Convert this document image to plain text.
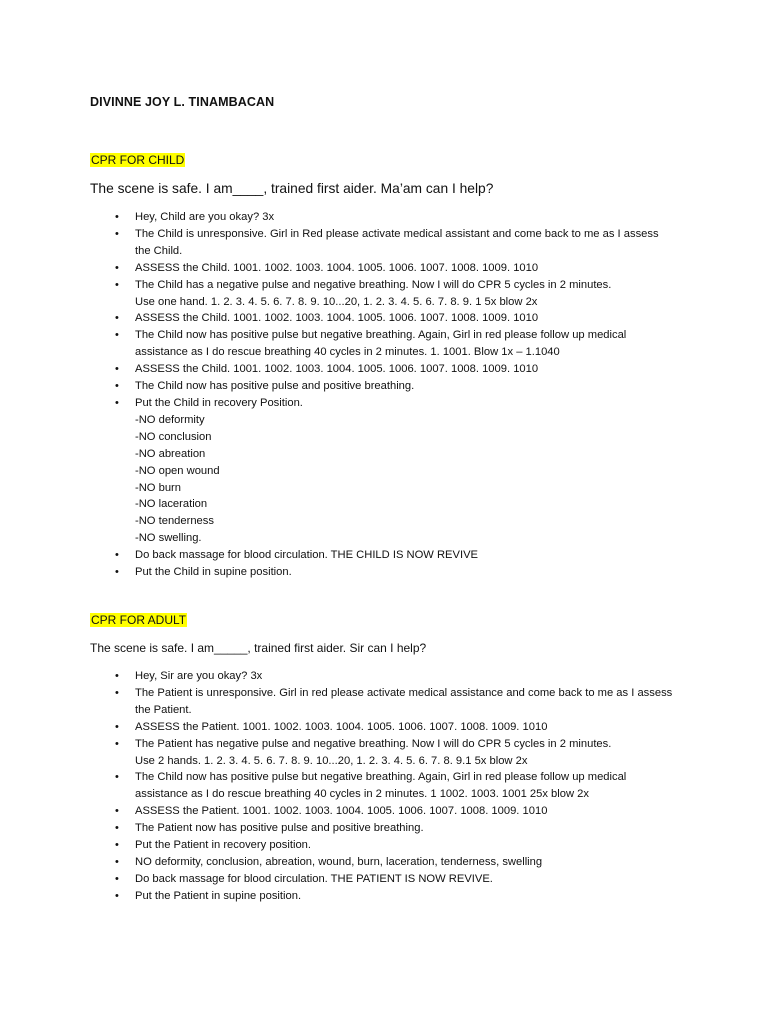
DIVINNE JOY L. TINAMBACAN

CPR FOR CHILD

The scene is safe. I am____, trained first aider. Ma’am can I help?

• Hey, Child are you okay? 3x
• The Child is unresponsive. Girl in Red please activate medical assistant and come back to me as I assess
the Child.
• ASSESS the Child. 1001. 1002. 1003. 1004. 1005. 1006. 1007. 1008. 1009. 1010
• The Child has a negative pulse and negative breathing. Now I will do CPR 5 cycles in 2 minutes.
Use one hand. 1. 2. 3. 4. 5. 6. 7. 8. 9. 10...20, 1. 2. 3. 4. 5. 6. 7. 8. 9. 1 5x blow 2x
• ASSESS the Child. 1001. 1002. 1003. 1004. 1005. 1006. 1007. 1008. 1009. 1010
• The Child now has positive pulse but negative breathing. Again, Girl in red please follow up medical
assistance as I do rescue breathing 40 cycles in 2 minutes. 1. 1001. Blow 1x – 1.1040
• ASSESS the Child. 1001. 1002. 1003. 1004. 1005. 1006. 1007. 1008. 1009. 1010
• The Child now has positive pulse and positive breathing.
• Put the Child in recovery Position.
-NO deformity
-NO conclusion
-NO abreation
-NO open wound
-NO burn
-NO laceration
-NO tenderness
-NO swelling.
• Do back massage for blood circulation. THE CHILD IS NOW REVIVE
• Put the Child in supine position.

CPR FOR ADULT

The scene is safe. I am_____, trained first aider. Sir can I help?

• Hey, Sir are you okay? 3x
• The Patient is unresponsive. Girl in red please activate medical assistance and come back to me as I assess
the Patient.
• ASSESS the Patient. 1001. 1002. 1003. 1004. 1005. 1006. 1007. 1008. 1009. 1010
• The Patient has negative pulse and negative breathing. Now I will do CPR 5 cycles in 2 minutes.
Use 2 hands. 1. 2. 3. 4. 5. 6. 7. 8. 9. 10...20, 1. 2. 3. 4. 5. 6. 7. 8. 9.1 5x blow 2x
• The Child now has positive pulse but negative breathing. Again, Girl in red please follow up medical
assistance as I do rescue breathing 40 cycles in 2 minutes. 1 1002. 1003. 1001 25x blow 2x
• ASSESS the Patient. 1001. 1002. 1003. 1004. 1005. 1006. 1007. 1008. 1009. 1010
• The Patient now has positive pulse and positive breathing.
• Put the Patient in recovery position.
• NO deformity, conclusion, abreation, wound, burn, laceration, tenderness, swelling
• Do back massage for blood circulation. THE PATIENT IS NOW REVIVE.
• Put the Patient in supine position.
